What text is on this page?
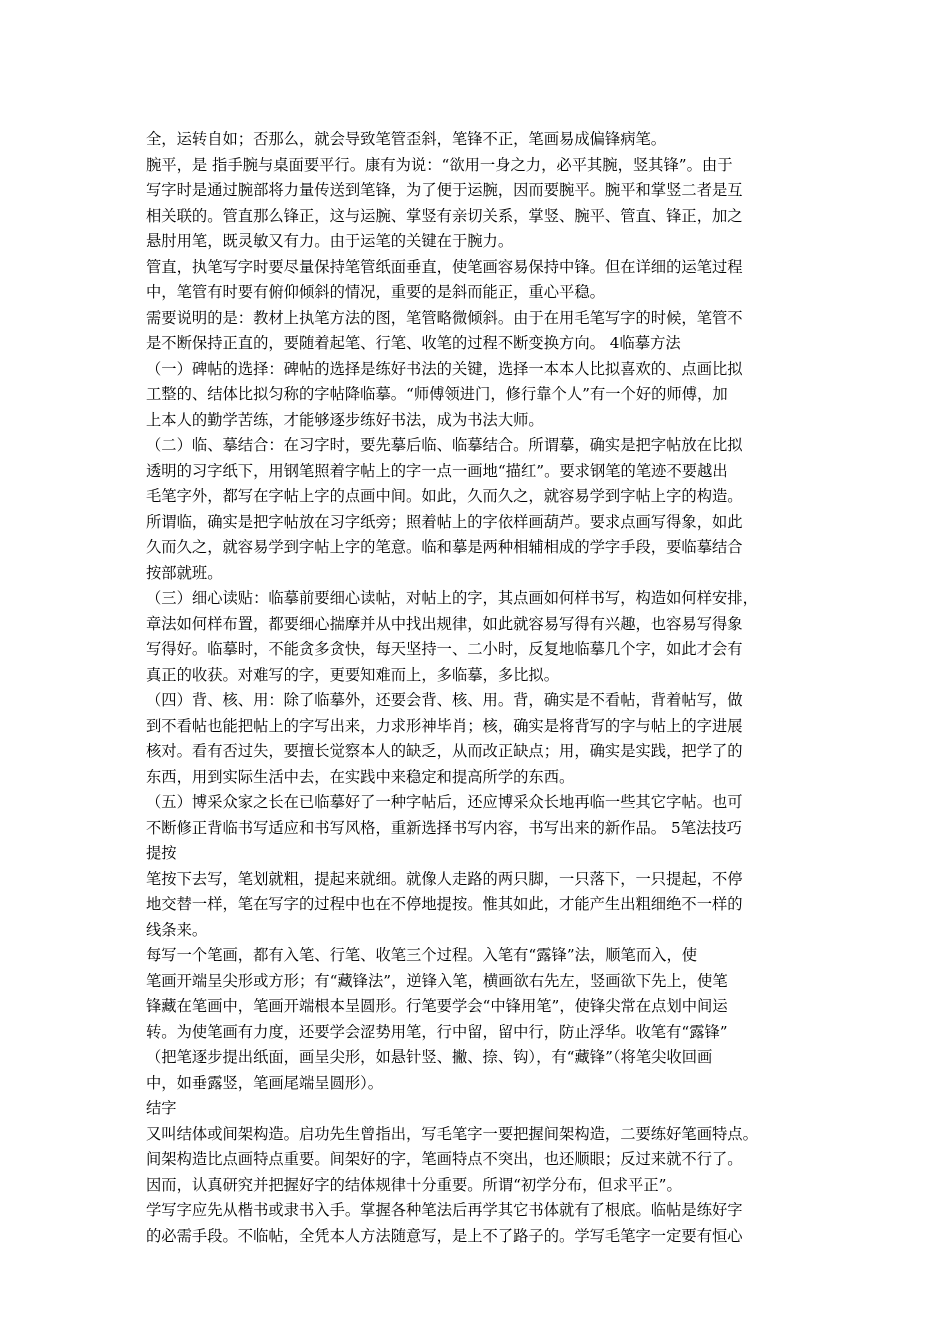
全，运转自如；否那么，就会导致笔管歪斜，笔锋不正，笔画易成偏锋病笔。
腕平，是 指手腕与桌面要平行。康有为说：“欲用一身之力，必平其腕，竖其锋”。由于
写字时是通过腕部将力量传送到笔锋，为了便于运腕，因而要腕平。腕平和掌竖二者是互
相关联的。管直那么锋正，这与运腕、掌竖有亲切关系，掌竖、腕平、管直、锋正，加之
悬肘用笔，既灵敏又有力。由于运笔的关键在于腕力。
管直，执笔写字时要尽量保持笔管纸面垂直，使笔画容易保持中锋。但在详细的运笔过程
中，笔管有时要有俯仰倾斜的情况，重要的是斜而能正，重心平稳。
需要说明的是：教材上执笔方法的图，笔管略微倾斜。由于在用毛笔写字的时候，笔管不
是不断保持正直的，要随着起笔、行笔、收笔的过程不断变换方向。 4临摹方法
（一）碑帖的选择：碑帖的选择是练好书法的关键，选择一本本人比拟喜欢的、点画比拟
工整的、结体比拟匀称的字帖降临摹。“师傅领进门，修行靠个人”有一个好的师傅，加
上本人的勤学苦练，才能够逐步练好书法，成为书法大师。
（二）临、摹结合：在习字时，要先摹后临、临摹结合。所谓摹，确实是把字帖放在比拟
透明的习字纸下，用钢笔照着字帖上的字一点一画地“描红”。要求钢笔的笔迹不要越出
毛笔字外，都写在字帖上字的点画中间。如此，久而久之，就容易学到字帖上字的构造。
所谓临，确实是把字帖放在习字纸旁；照着帖上的字依样画葫芦。要求点画写得象，如此
久而久之，就容易学到字帖上字的笔意。临和摹是两种相辅相成的学字手段，要临摹结合
按部就班。
（三）细心读贴：临摹前要细心读帖，对帖上的字，其点画如何样书写，构造如何样安排，
章法如何样布置，都要细心揣摩并从中找出规律，如此就容易写得有兴趣，也容易写得象
写得好。临摹时，不能贪多贪快，每天坚持一、二小时，反复地临摹几个字，如此才会有
真正的收获。对难写的字，更要知难而上，多临摹，多比拟。
（四）背、核、用：除了临摹外，还要会背、核、用。背，确实是不看帖，背着帖写，做
到不看帖也能把帖上的字写出来，力求形神毕肖；核，确实是将背写的字与帖上的字进展
核对。看有否过失，要擅长觉察本人的缺乏，从而改正缺点；用，确实是实践，把学了的
东西，用到实际生活中去，在实践中来稳定和提高所学的东西。
（五）博采众家之长在已临摹好了一种字帖后，还应博采众长地再临一些其它字帖。也可
不断修正背临书写适应和书写风格，重新选择书写内容，书写出来的新作品。 5笔法技巧
提按
笔按下去写，笔划就粗，提起来就细。就像人走路的两只脚，一只落下，一只提起，不停
地交替一样，笔在写字的过程中也在不停地提按。惟其如此，才能产生出粗细绝不一样的
线条来。
每写一个笔画，都有入笔、行笔、收笔三个过程。入笔有“露锋”法，顺笔而入，使
笔画开端呈尖形或方形；有“藏锋法”，逆锋入笔，横画欲右先左，竖画欲下先上，使笔
锋藏在笔画中，笔画开端根本呈圆形。行笔要学会“中锋用笔”，使锋尖常在点划中间运
转。为使笔画有力度，还要学会涩势用笔，行中留，留中行，防止浮华。收笔有“露锋”
（把笔逐步提出纸面，画呈尖形，如悬针竖、撇、捺、钩），有“藏锋”（将笔尖收回画
中，如垂露竖，笔画尾端呈圆形）。
结字
又叫结体或间架构造。启功先生曾指出，写毛笔字一要把握间架构造，二要练好笔画特点。
间架构造比点画特点重要。间架好的字，笔画特点不突出，也还顺眼；反过来就不行了。
因而，认真研究并把握好字的结体规律十分重要。所谓“初学分布，但求平正”。
学写字应先从楷书或隶书入手。掌握各种笔法后再学其它书体就有了根底。临帖是练好字
的必需手段。不临帖，全凭本人方法随意写，是上不了路子的。学写毛笔字一定要有恒心
